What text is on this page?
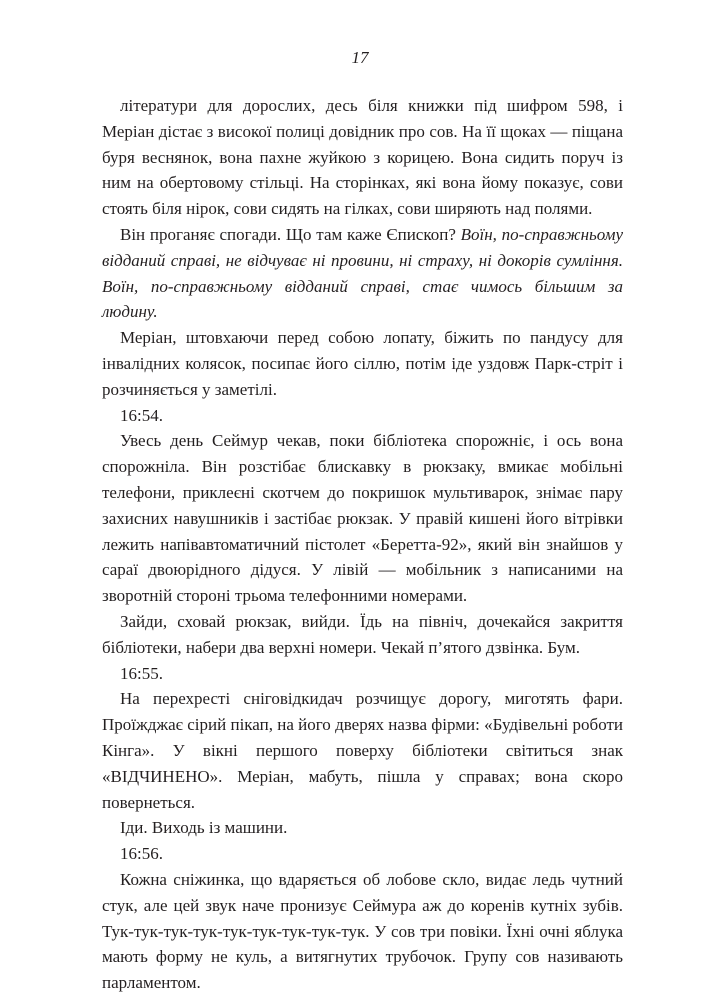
17

літератури для дорослих, десь біля книжки під шифром 598, і Меріан дістає з високої полиці довідник про сов. На її щоках — піщана буря веснянок, вона пахне жуйкою з корицею. Вона сидить поруч із ним на обертовому стільці. На сторінках, які вона йому показує, сови стоять біля нірок, сови сидять на гілках, сови ширяють над полями.

Він проганяє спогади. Що там каже Єпископ? Воїн, по-справжньому відданий справі, не відчуває ні провини, ні страху, ні докорів сумління. Воїн, по-справжньому відданий справі, стає чимось більшим за людину.

Меріан, штовхаючи перед собою лопату, біжить по пандусу для інвалідних колясок, посипає його сіллю, потім іде уздовж Парк-стріт і розчиняється у заметілі.

16:54.

Увесь день Сеймур чекав, поки бібліотека спорожніє, і ось вона спорожніла. Він розстібає блискавку в рюкзаку, вмикає мобільні телефони, приклеєні скотчем до покришок мультиварок, знімає пару захисних навушників і застібає рюкзак. У правій кишені його вітрівки лежить напівавтоматичний пістолет «Беретта-92», який він знайшов у сараї двоюрідного дідуся. У лівій — мобільник з написаними на зворотній стороні трьома телефонними номерами.

Зайди, сховай рюкзак, вийди. Їдь на північ, дочекайся закриття бібліотеки, набери два верхні номери. Чекай п’ятого дзвінка. Бум.

16:55.

На перехресті сніговідкидач розчищує дорогу, миготять фари. Проїжджає сірий пікап, на його дверях назва фірми: «Будівельні роботи Кінга». У вікні першого поверху бібліотеки світиться знак «ВІДЧИНЕНО». Меріан, мабуть, пішла у справах; вона скоро повернеться.

Іди. Виходь із машини.

16:56.

Кожна сніжинка, що вдаряється об лобове скло, видає ледь чутний стук, але цей звук наче пронизує Сеймура аж до коренів кутніх зубів. Тук-тук-тук-тук-тук-тук-тук-тук-тук. У сов три повіки. Їхні очні яблука мають форму не куль, а витягнутих трубочок. Групу сов називають парламентом.
